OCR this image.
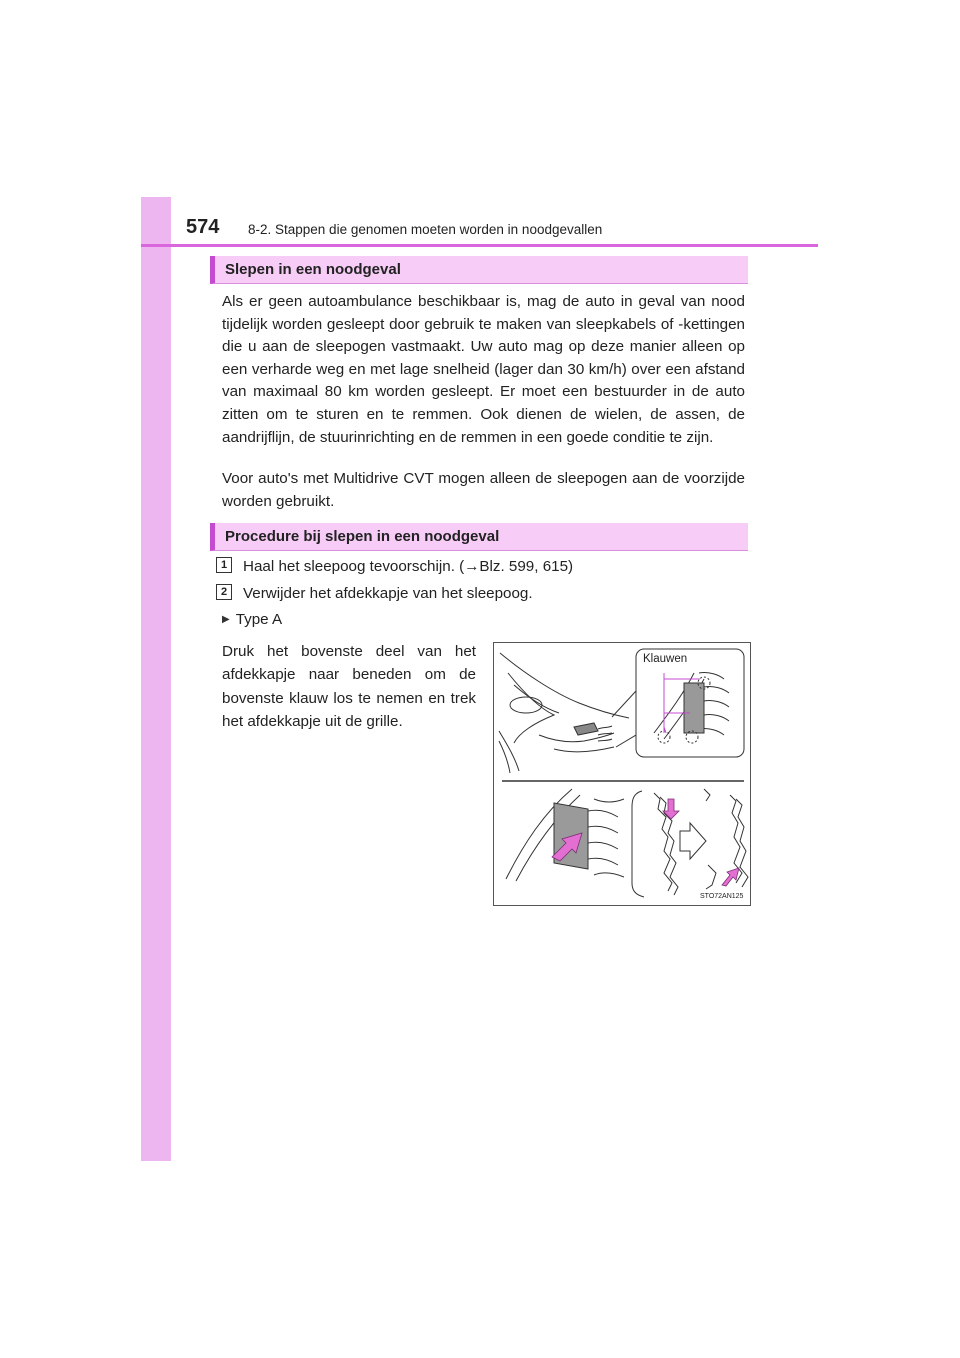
574 8-2. Stappen die genomen moeten worden in noodgevallen
Slepen in een noodgeval

Als er geen autoambulance beschikbaar is, mag de auto in geval van nood tijdelijk worden gesleept door gebruik te maken van sleepkabels of -kettingen die u aan de sleepogen vastmaakt. Uw auto mag op deze manier alleen op een verharde weg en met lage snelheid (lager dan 30 km/h) over een afstand van maximaal 80 km worden gesleept. Er moet een bestuurder in de auto zitten om te sturen en te remmen. Ook dienen de wielen, de assen, de aandrijflijn, de stuurinrichting en de remmen in een goede conditie te zijn.

Voor auto's met Multidrive CVT mogen alleen de sleepogen aan de voorzijde worden gebruikt.

Procedure bij slepen in een noodgeval
1	Haal het sleepoog tevoorschijn. (→Blz. 599, 615)

2	Verwijder het afdekkapje van het sleepoog.

▶ Type A

Druk het bovenste deel van het afdekkapje naar beneden om de bovenste klauw los te nemen en trek het afdekkapje uit de grille.

Klauwen
STO72AN125
